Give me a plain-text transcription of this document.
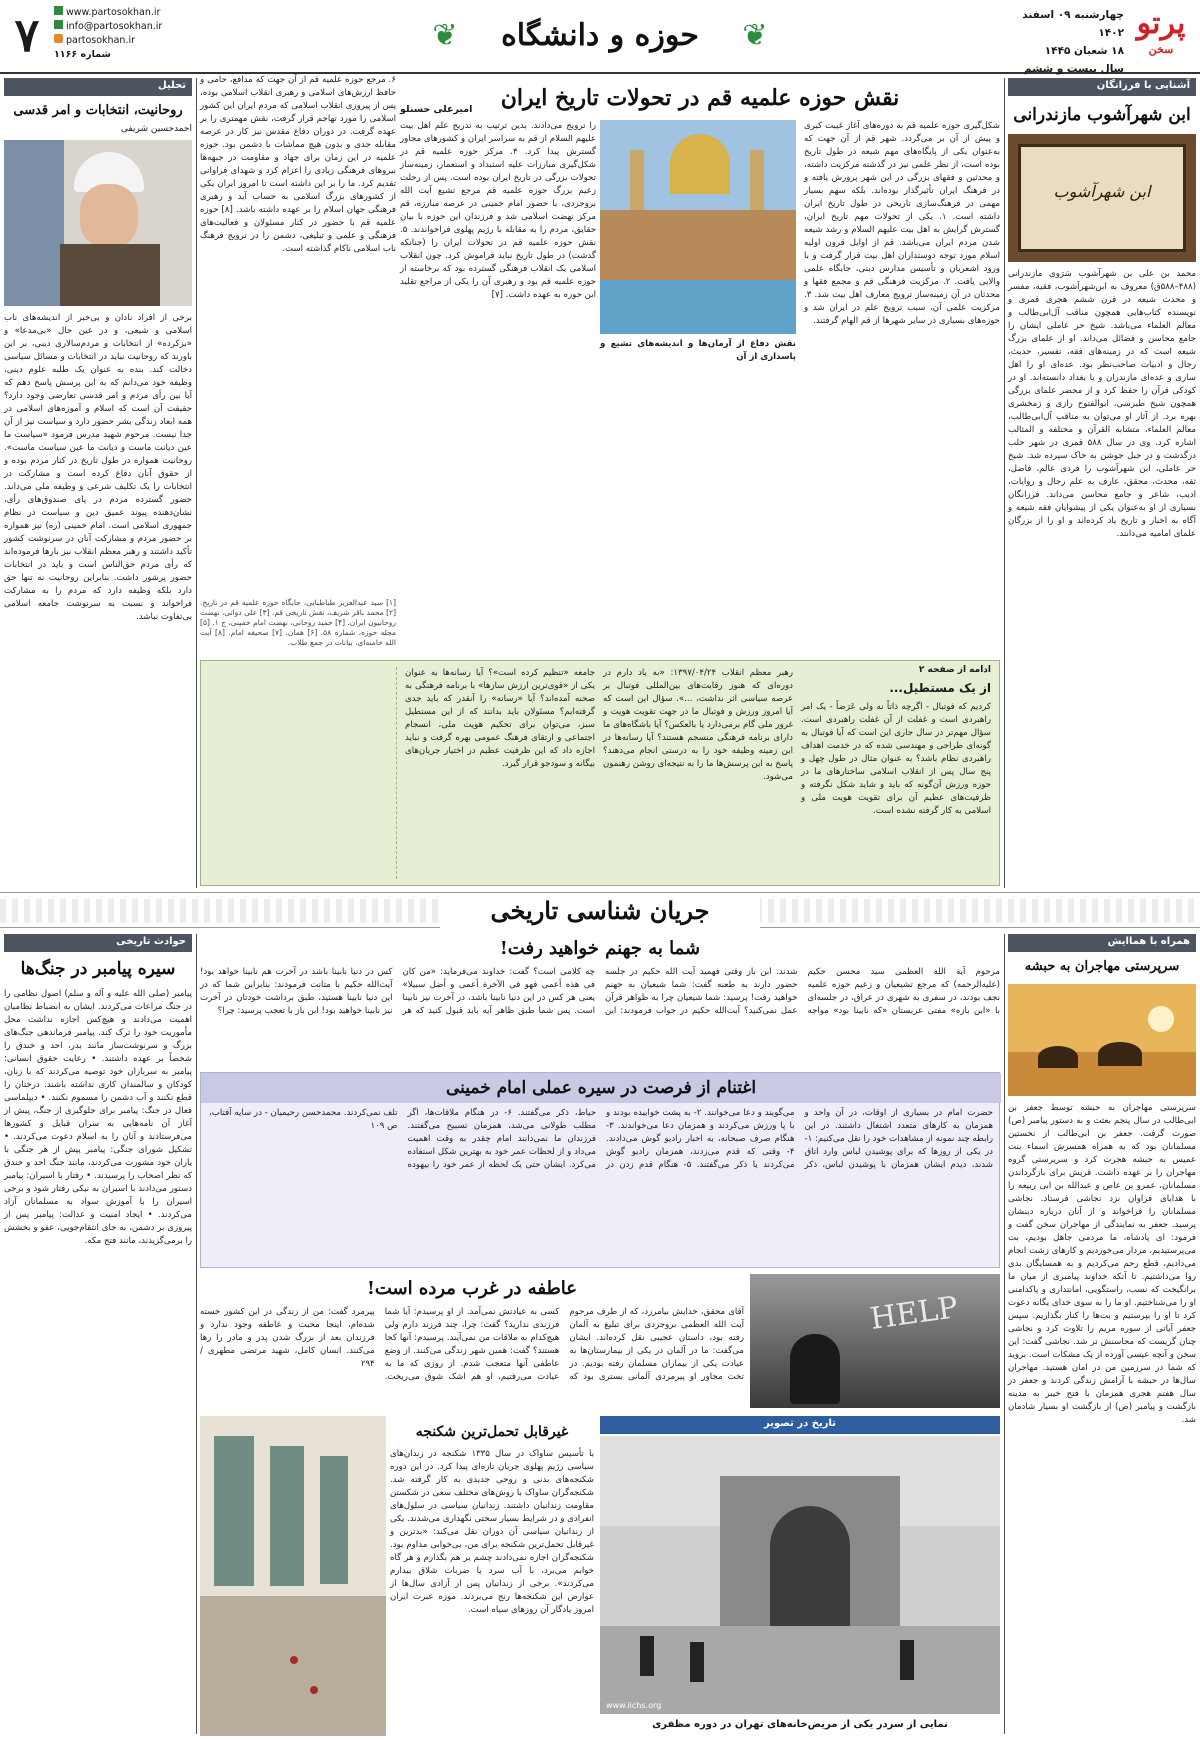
پرتو
سخن
چهارشنبه ۰۹ اسفند ۱۴۰۲
۱۸ شعبان ۱۴۴۵
سال بیست و ششم
❦
❦	حوزه و دانشگاه
www.partosokhan.ir
info@partosokhan.ir
partosokhan.ir
شماره ۱۱۶۶
۷
آشنایی با فرزانگان
ابن شهرآشوب مازندرانی
ابن شهرآشوب
محمد بن علی بن شهرآشوب سَرَوی مازندرانی (۴۸۸–۵۸۸ق) معروف به ابن‌شهرآشوب، فقیه، مفسر و محدث شیعه در قرن ششم هجری قمری و نویسنده کتاب‌هایی همچون مناقب آل‌ابی‌طالب و معالم العلماء می‌باشد. شیخ حر عاملی ایشان را جامع محاسن و فضائل می‌داند. او از علمای بزرگ شیعه است که در زمینه‌های فقه، تفسیر، حدیث، رجال و ادبیات صاحب‌نظر بود. عده‌ای او را اهل ساری و عده‌ای مازندران و یا بغداد دانسته‌اند. او در کودکی قرآن را حفظ کرد و از محضر علمای بزرگی همچون شیخ طبرسی، ابوالفتوح رازی و زمخشری بهره برد. از آثار او می‌توان به مناقب آل‌ابی‌طالب، معالم العلماء، متشابه القرآن و مختلفه و المثالب اشاره کرد. وی در سال ۵۸۸ قمری در شهر حلب درگذشت و در جبل جوشن به خاک سپرده شد. شیخ حر عاملی، ابن شهرآشوب را فردی عالم، فاضل، ثقه، محدث، محقق، عارف به علم رجال و روایات، ادیب، شاعر و جامع محاسن می‌داند. فرزانگان بسیاری از او به‌عنوان یکی از پیشوایان فقه شیعه و آگاه به اخبار و تاریخ یاد کرده‌اند و او را از بزرگان علمای امامیه می‌دانند.
نقش حوزه علمیه قم در تحولات تاریخ ایران
شکل‌گیری حوزه علمیه قم به دوره‌های آغاز غیبت کبری و پیش از آن بر می‌گردد. شهر قم از آن جهت که به‌عنوان یکی از پایگاه‌های مهم شیعه در طول تاریخ بوده است، از نظر علمی نیز در گذشته مرکزیت داشته، و محدثین و فقهای بزرگی در این شهر پرورش یافته و در فرهنگ ایران تأثیرگذار بوده‌اند. بلکه سهم بسیار مهمی در فرهنگ‌سازی تاریخی در طول تاریخ ایران داشته است. ۱. یکی از تحولات مهم تاریخ ایران، گسترش گرایش به اهل بیت علیهم السلام و رشد شیعه شدن مردم ایران می‌باشد. قم از اوایل قرون اولیه اسلام مورد توجه دوستداران اهل بیت قرار گرفت و با ورود اشعریان و تأسیس مدارس دینی، جایگاه علمی والایی یافت. ۲. مرکزیت فرهنگی قم و مجمع فقها و محدثان در آن زمینه‌ساز ترویج معارف اهل بیت شد. ۳. مرکزیت علمی آن، سبب ترویج علم در ایران شد و حوزه‌های بسیاری در سایر شهرها از قم الهام گرفتند.
امیرعلی حسنلو
را ترویج می‌دادند. بدین ترتیب به تدریج علم اهل بیت علیهم السلام از قم به سراسر ایران و کشورهای مجاور گسترش پیدا کرد. ۴. مرکز حوزه علمیه قم در شکل‌گیری مبارزات علیه استبداد و استعمار، زمینه‌ساز تحولات بزرگی در تاریخ ایران بوده است. پس از رحلت زعیم بزرگ حوزه علمیه قم مرجع تشیع آیت الله بروجردی، با حضور امام خمینی در عرصه مبارزه، قم مرکز نهضت اسلامی شد و فرزندان این حوزه با بیان حقایق، مردم را به مقابله با رژیم پهلوی فراخواندند. ۵. نقش حوزه علمیه قم در تحولات ایران را (جنانکه گذشت) در طول تاریخ نباید فراموش کرد. چون انقلاب اسلامی یک انقلاب فرهنگی گسترده بود که برخاسته از حوزه علمیه قم بود و رهبری آن را یکی از مراجع تقلید این حوزه به عهده داشت. [۷]
نقش دفاع از آرمان‌ها و اندیشه‌های تشیع و پاسداری از آن
۶. مرجع حوزه علمیه قم از آن جهت که مدافع، حامی و حافظ ارزش‌های اسلامی و رهبری انقلاب اسلامی بوده، پس از پیروزی انقلاب اسلامی که مردم ایران این کشور اسلامی را مورد تهاجم قرار گرفت، نقش مهمتری را بر عهده گرفت. در دوران دفاع مقدس نیز کار در عرصه مقابله جدی و بدون هیچ مماشات با دشمن بود. حوزه علمیه در این زمان برای جهاد و مقاومت در جبهه‌ها نیروهای فرهنگی زیادی را اعزام کرد و شهدای فراوانی تقدیم کرد. ما را بر این داشته است تا امروز ایران یکی از کشورهای بزرگ اسلامی به حساب آید و رهبری فرهنگی جهان اسلام را بر عهده داشته باشد. [۸] حوزه علمیه قم با حضور در کنار مسئولان و فعالیت‌های فرهنگی و علمی و تبلیغی، دشمن را در ترویج فرهنگ ناب اسلامی ناکام گذاشته است.
[۱] سید عبدالعزیز طباطبایی، جایگاه حوزه علمیه قم در تاریخ. [۲] محمد باقر شریف، نقش تاریخی قم. [۳] علی دوانی، نهضت روحانیون ایران. [۴] حمید روحانی، نهضت امام خمینی، ج ۱. [۵] مجله حوزه، شماره ۵۸. [۶] همان. [۷] صحیفه امام. [۸] آیت الله خامنه‌ای، بیانات در جمع طلاب.
تحلیل
روحانیت، انتخابات و امر قدسی
احمدحسین شریفی
برخی از افراد نادان و بی‌خبر از اندیشه‌های ناب اسلامی و شیعی، و در عین حال «بی‌مدعا» و «بزکرده» از انتخابات و مردم‌سالاری دینی، بر این باورند که روحانیت نباید در انتخابات و مسائل سیاسی دخالت کند. بنده به عنوان یک طلبه علوم دینی، وظیفه خود می‌دانم که به این پرسش پاسخ دهم که آیا بین رأی مردم و امر قدسی تعارضی وجود دارد؟ حقیقت آن است که اسلام و آموزه‌های اسلامی در همه ابعاد زندگی بشر حضور دارد و سیاست نیز از آن جدا نیست. مرحوم شهید مدرس فرمود «سیاست ما عین دیانت ماست و دیانت ما عین سیاست ماست». روحانیت همواره در طول تاریخ در کنار مردم بوده و از حقوق آنان دفاع کرده است و مشارکت در انتخابات را یک تکلیف شرعی و وظیفه ملی می‌داند. حضور گسترده مردم در پای صندوق‌های رأی، نشان‌دهنده پیوند عمیق دین و سیاست در نظام جمهوری اسلامی است. امام خمینی (ره) نیز همواره بر حضور مردم و مشارکت آنان در سرنوشت کشور تأکید داشتند و رهبر معظم انقلاب نیز بارها فرموده‌اند که رأی مردم حق‌الناس است و باید در انتخابات حضور پرشور داشت. بنابراین روحانیت نه تنها حق دارد بلکه وظیفه دارد که مردم را به مشارکت فراخواند و نسبت به سرنوشت جامعه اسلامی بی‌تفاوت نباشد.
ادامه از صفحه ۲
از یک مستطیل...
کردیم که فوتبال - اگرچه ذاتاً نه ولی عَرَضاً - یک امر راهبردی است و غفلت از آن غفلت راهبردی است. سؤال مهم‌تر در سال جاری این است که آیا فوتبال به گونه‌ای طراحی و مهندسی شده که در خدمت اهداف راهبردی نظام باشد؟ به عنوان مثال در طول چهل و پنج سال پس از انقلاب اسلامی ساختارهای ما در حوزه ورزش آن‌گونه که باید و شاید شکل نگرفته و ظرفیت‌های عظیم آن برای تقویت هویت ملی و اسلامی به کار گرفته نشده است.
رهبر معظم انقلاب ۱۳۹۷/۰۴/۲۴: «به یاد دارم در دوره‌ای که هنوز رقابت‌های بین‌المللی فوتبال بر عرصه سیاسی اثر نداشت، ...». سؤال این است که آیا امروز ورزش و فوتبال ما در جهت تقویت هویت و غرور ملی گام برمی‌دارد یا بالعکس؟ آیا باشگاه‌های ما دارای برنامه فرهنگی منسجم هستند؟ آیا رسانه‌ها در این زمینه وظیفه خود را به درستی انجام می‌دهند؟ پاسخ به این پرسش‌ها ما را به نتیجه‌ای روشن رهنمون می‌شود.
جامعه «تنظیم کرده است»؟ آیا رسانه‌ها به عنوان یکی از «قوی‌ترین ارزش سازها» با برنامه فرهنگی به صحنه آمده‌اند؟ آیا «رسانه» را آنقدر که باید جدی گرفته‌ایم؟ مسئولان باید بدانند که از این مستطیل سبز، می‌توان برای تحکیم هویت ملی، انسجام اجتماعی و ارتقای فرهنگ عمومی بهره گرفت و نباید اجازه داد که این ظرفیت عظیم در اختیار جریان‌های بیگانه و سودجو قرار گیرد.
جریان شناسی تاریخی
همراه با هماایش
سرپرستی مهاجران به حبشه
سرپرستی مهاجران به حبشه توسط جعفر بن ابی‌طالب در سال پنجم بعثت و به دستور پیامبر (ص) صورت گرفت. جعفر بن ابی‌طالب از نخستین مسلمانان بود که به همراه همسرش اسماء بنت عمیس به حبشه هجرت کرد و سرپرستی گروه مهاجران را بر عهده داشت. قریش برای بازگرداندن مسلمانان، عمرو بن عاص و عبدالله بن ابی ربیعه را با هدایای فراوان نزد نجاشی فرستاد. نجاشی مسلمانان را فراخواند و از آنان درباره دینشان پرسید. جعفر به نمایندگی از مهاجران سخن گفت و فرمود: ای پادشاه، ما مردمی جاهل بودیم، بت می‌پرستیدیم، مردار می‌خوردیم و کارهای زشت انجام می‌دادیم، قطع رحم می‌کردیم و به همسایگان بدی روا می‌داشتیم. تا آنکه خداوند پیامبری از میان ما برانگیخت که نسب، راستگویی، امانتداری و پاکدامنی او را می‌شناختیم. او ما را به سوی خدای یگانه دعوت کرد تا او را بپرستیم و بت‌ها را کنار بگذاریم. سپس جعفر آیاتی از سوره مریم را تلاوت کرد و نجاشی چنان گریست که محاسنش تر شد. نجاشی گفت: این سخن و آنچه عیسی آورده از یک مشکات است. بروید که شما در سرزمین من در امان هستید. مهاجران سال‌ها در حبشه با آرامش زندگی کردند و جعفر در سال هفتم هجری همزمان با فتح خیبر به مدینه بازگشت و پیامبر (ص) از بازگشت او بسیار شادمان شد.
شما به جهنم خواهید رفت!
مرحوم آیة الله العظمی سید محسن حکیم (علیه‌الرحمه) که مرجع تشیعیان و زعیم حوزه علمیه نجف بودند، در سفری به شهری در عراق، در جلسه‌ای با «ابن بازه» مفتی عربستان «که نابینا بود» مواجه شدند. ابن باز وقتی فهمید آیت الله حکیم در جلسه حضور دارند به طعنه گفت: شما شیعیان به جهنم خواهید رفت! پرسید: شما شیعیان چرا به ظواهر قرآن عمل نمی‌کنید؟ آیت‌الله حکیم در جواب فرمودند: این چه کلامی است؟ گفت: خداوند می‌فرماید: «من کان فی هذه أعمی فهو فی الآخرة أعمی و أضل سبیلا» یعنی هر کس در این دنیا نابینا باشد، در آخرت نیز نابینا است. پس شما طبق ظاهر آیه باید قبول کنید که هر کس در دنیا نابینا باشد در آخرت هم نابینا خواهد بود! آیت‌الله حکیم با متانت فرمودند: بنابراین شما که در این دنیا نابینا هستید، طبق برداشت خودتان در آخرت نیز نابینا خواهید بود! ابن باز با تعجب پرسید: چرا؟
اغتنام از فرصت در سیره عملی امام خمینی
حضرت امام در بسیاری از اوقات، در آن واحد و همزمان به کارهای متعدد اشتغال داشتند. در این رابطه چند نمونه از مشاهدات خود را نقل می‌کنیم: ۱- در یکی از روزها که برای پوشیدن لباس وارد اتاق شدند، دیدم ایشان همزمان با پوشیدن لباس، ذکر می‌گویند و دعا می‌خوانند. ۲- به پشت خوابیده بودند و با پا ورزش می‌کردند و همزمان دعا می‌خواندند. ۳- هنگام صرف صبحانه، به اخبار رادیو گوش می‌دادند. ۴- وقتی که قدم می‌زدند، همزمان رادیو گوش می‌کردند یا ذکر می‌گفتند. ۵- هنگام قدم زدن در حیاط، ذکر می‌گفتند. ۶- در هنگام ملاقات‌ها، اگر مطلب طولانی می‌شد، همزمان تسبیح می‌گفتند. فرزندان ما نمی‌دانند امام چقدر به وقت اهمیت می‌داد و از لحظات عمر خود به بهترین شکل استفاده می‌کرد. ایشان حتی یک لحظه از عمر خود را بیهوده تلف نمی‌کردند. محمدحسن رحیمیان - در سایه آفتاب، ص ۱۰۹
HELP
عاطفه در غرب مرده است!
آقای محقق، خدایش بیامرزد، که از طرف مرحوم آیت الله العظمی بروجردی برای تبلیغ به آلمان رفته بود، داستان عجیبی نقل کرده‌اند. ایشان می‌گفت: ما در آلمان در یکی از بیمارستان‌ها به عیادت یکی از بیماران مسلمان رفته بودیم. در تخت مجاور او پیرمردی آلمانی بستری بود که کسی به عیادتش نمی‌آمد. از او پرسیدم: آیا شما فرزندی ندارید؟ گفت: چرا، چند فرزند دارم ولی هیچ‌کدام به ملاقات من نمی‌آیند. پرسیدم: آنها کجا هستند؟ گفت: همین شهر زندگی می‌کنند. از وضع عاطفی آنها متعجب شدم. از روزی که ما به عیادت می‌رفتیم، او هم اشک شوق می‌ریخت. پیرمرد گفت: من از زندگی در این کشور خسته شده‌ام، اینجا محبت و عاطفه وجود ندارد و فرزندان بعد از بزرگ شدن پدر و مادر را رها می‌کنند. انسان کامل، شهید مرتضی مطهری / ۲۹۴
تاریخ در تصویر
www.iichs.org
نمایی از سردر یکی از مریض‌خانه‌های تهران در دوره مظفری
غیرقابل تحمل‌ترین شکنجه
با تأسیس ساواک در سال ۱۳۳۵ شکنجه در زندان‌های سیاسی رژیم پهلوی جریان تازه‌ای پیدا کرد. در این دوره شکنجه‌های بدنی و روحی جدیدی به کار گرفته شد. شکنجه‌گران ساواک با روش‌های مختلف سعی در شکستن مقاومت زندانیان داشتند. زندانیان سیاسی در سلول‌های انفرادی و در شرایط بسیار سختی نگهداری می‌شدند. یکی از زندانیان سیاسی آن دوران نقل می‌کند: «بدترین و غیرقابل تحمل‌ترین شکنجه برای من، بی‌خوابی مداوم بود. شکنجه‌گران اجازه نمی‌دادند چشم بر هم بگذارم و هر گاه خوابم می‌برد، با آب سرد یا ضربات شلاق بیدارم می‌کردند». برخی از زندانیان پس از آزادی سال‌ها از عوارض این شکنجه‌ها رنج می‌بردند. موزه عبرت ایران امروز یادگار آن روزهای سیاه است.
حوادث تاریخی
سیره پیامبر در جنگ‌ها
پیامبر (صلی الله علیه و آله و سلم) اصول نظامی را در جنگ مراعات می‌کردند. ایشان به انضباط نظامیان اهمیت می‌دادند و هیچ‌کس اجازه نداشت محل مأموریت خود را ترک کند. پیامبر فرماندهی جنگ‌های بزرگ و سرنوشت‌ساز مانند بدر، احد و خندق را شخصاً بر عهده داشتند. • رعایت حقوق انسانی: پیامبر به سربازان خود توصیه می‌کردند که با زنان، کودکان و سالمندان کاری نداشته باشند. درختان را قطع نکنند و آب دشمن را مسموم نکنند. • دیپلماسی فعال در جنگ: پیامبر برای جلوگیری از جنگ، پیش از آغاز آن نامه‌هایی به سران قبایل و کشورها می‌فرستادند و آنان را به اسلام دعوت می‌کردند. • تشکیل شورای جنگی: پیامبر پیش از هر جنگی با یاران خود مشورت می‌کردند، مانند جنگ احد و خندق که نظر اصحاب را پرسیدند. • رفتار با اسیران: پیامبر دستور می‌دادند با اسیران به نیکی رفتار شود و برخی اسیران را با آموزش سواد به مسلمانان آزاد می‌کردند. • ایجاد امنیت و عدالت: پیامبر پس از پیروزی بر دشمن، به جای انتقام‌جویی، عفو و بخشش را برمی‌گزیدند، مانند فتح مکه.
